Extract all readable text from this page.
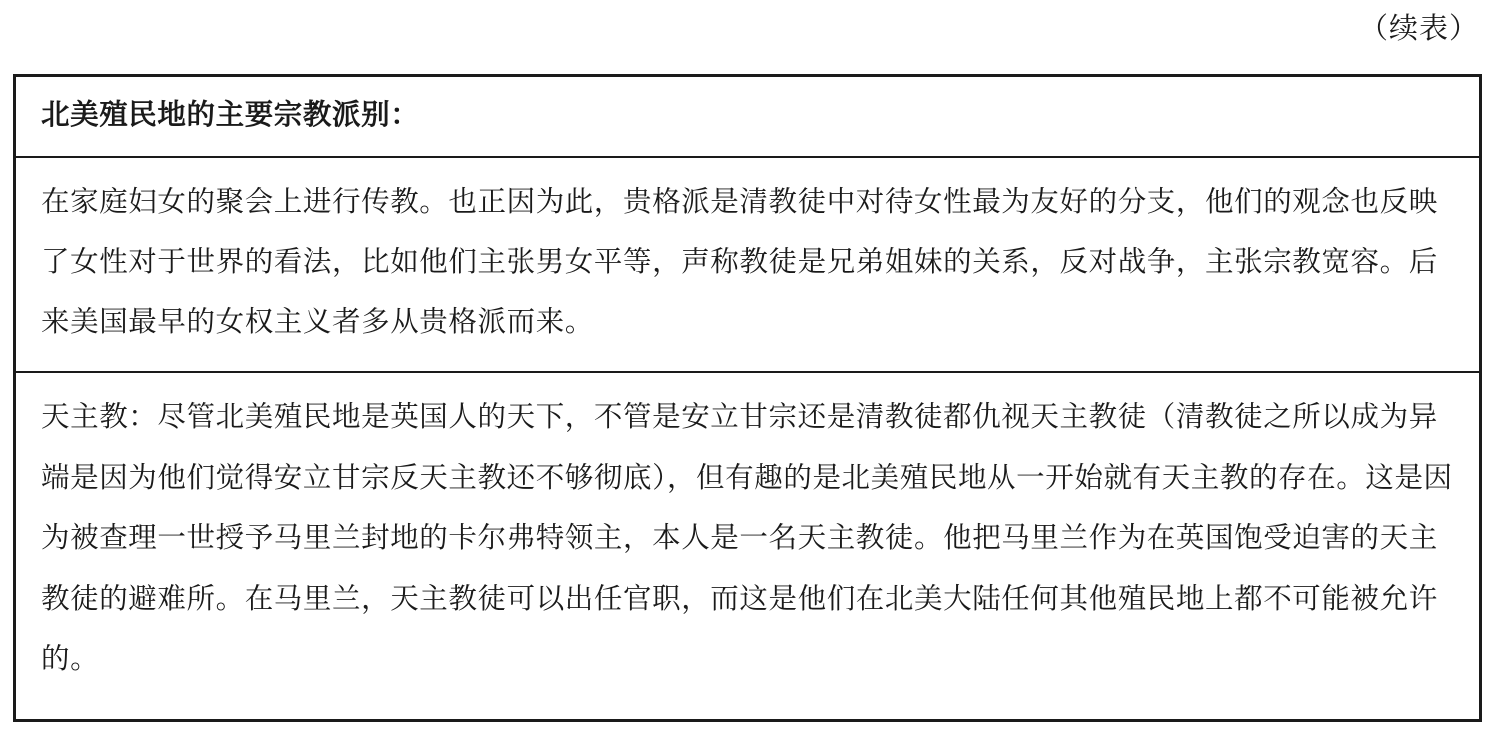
（续表）
北美殖民地的主要宗教派别：
在家庭妇女的聚会上进行传教。也正因为此，贵格派是清教徒中对待女性最为友好的分支，他们的观念也反映了女性对于世界的看法，比如他们主张男女平等，声称教徒是兄弟姐妹的关系，反对战争，主张宗教宽容。后来美国最早的女权主义者多从贵格派而来。
天主教：尽管北美殖民地是英国人的天下，不管是安立甘宗还是清教徒都仇视天主教徒（清教徒之所以成为异端是因为他们觉得安立甘宗反天主教还不够彻底），但有趣的是北美殖民地从一开始就有天主教的存在。这是因为被查理一世授予马里兰封地的卡尔弗特领主，本人是一名天主教徒。他把马里兰作为在英国饱受迫害的天主教徒的避难所。在马里兰，天主教徒可以出任官职，而这是他们在北美大陆任何其他殖民地上都不可能被允许的。
